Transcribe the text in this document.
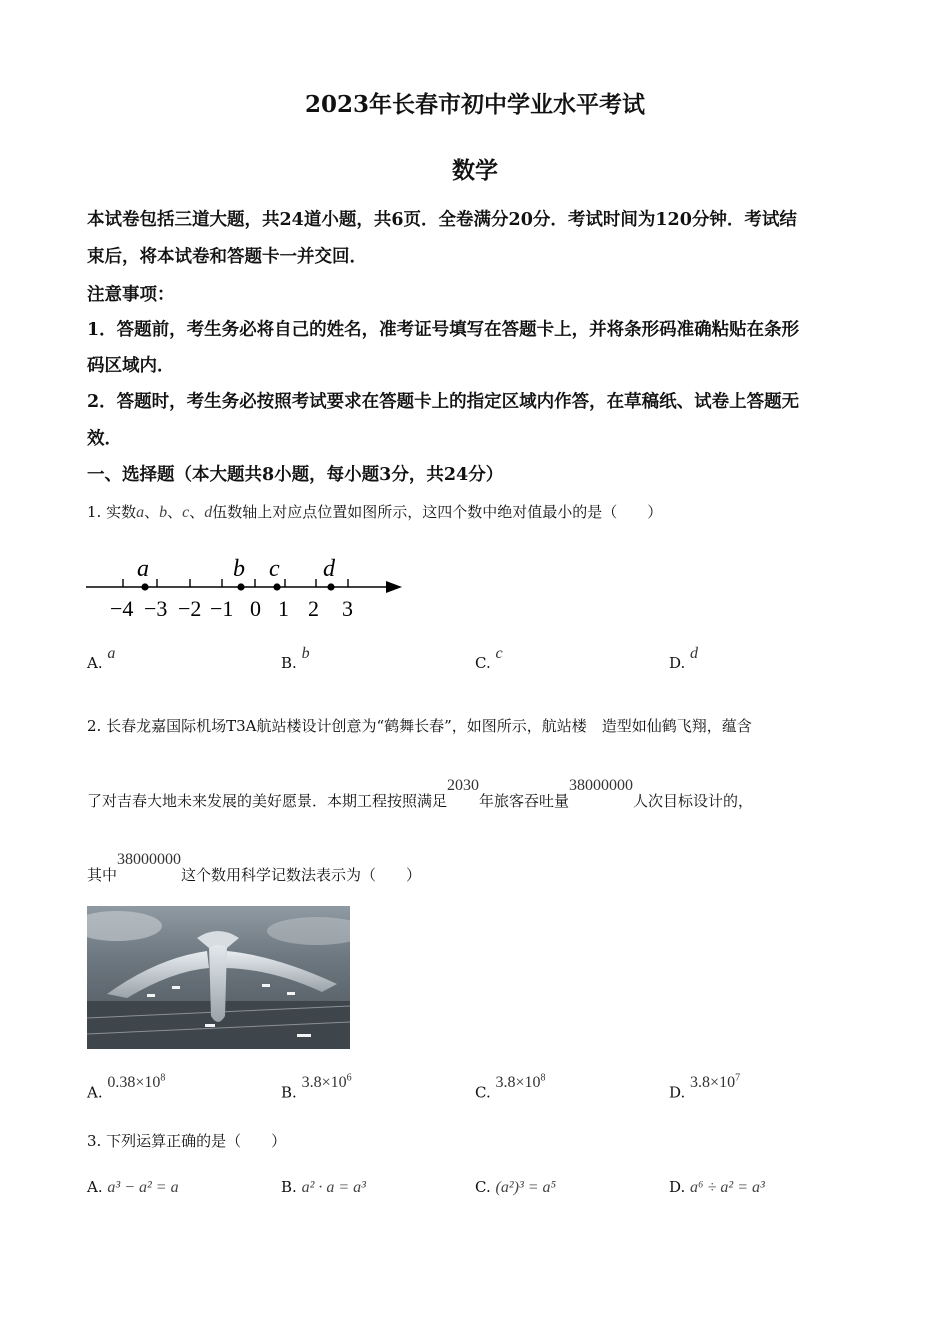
2023年长春市初中学业水平考试
数学
本试卷包括三道大题，共24道小题，共6页．全卷满分20分．考试时间为120分钟．考试结
束后，将本试卷和答题卡一并交回．
注意事项：
1．答题前，考生务必将自己的姓名，准考证号填写在答题卡上，并将条形码准确粘贴在条形
码区域内．
2．答题时，考生务必按照考试要求在答题卡上的指定区域内作答，在草稿纸、试卷上答题无
效．
一、选择题（本大题共8小题，每小题3分，共24分）
1. 实数a、b、c、d伍数轴上对应点位置如图所示，这四个数中绝对值最小的是（　　）
−4 −3 −2 −1 0 1 2 3
a	b c d
A. a
B. b
C. c
D. d
2. 长春龙嘉国际机场T3A航站楼设计创意为“鹤舞长春”，如图所示，航站楼　造型如仙鹤飞翔，蕴含
了对吉春大地未来发展的美好愿景．本期工程按照满足2030年旅客吞吐量38000000人次目标设计的，
其中38000000这个数用科学记数法表示为（　　）
A. $0.38\times 10^8$
B. $3.8\times 10^6$
C. $3.8\times 10^8$
D. $3.8\times 10^7$
3. 下列运算正确的是（　　）
A. a³ − a² = a	B. a² · a = a³	C. (a²)³ = a⁵	D. a⁶ ÷ a² = a³
